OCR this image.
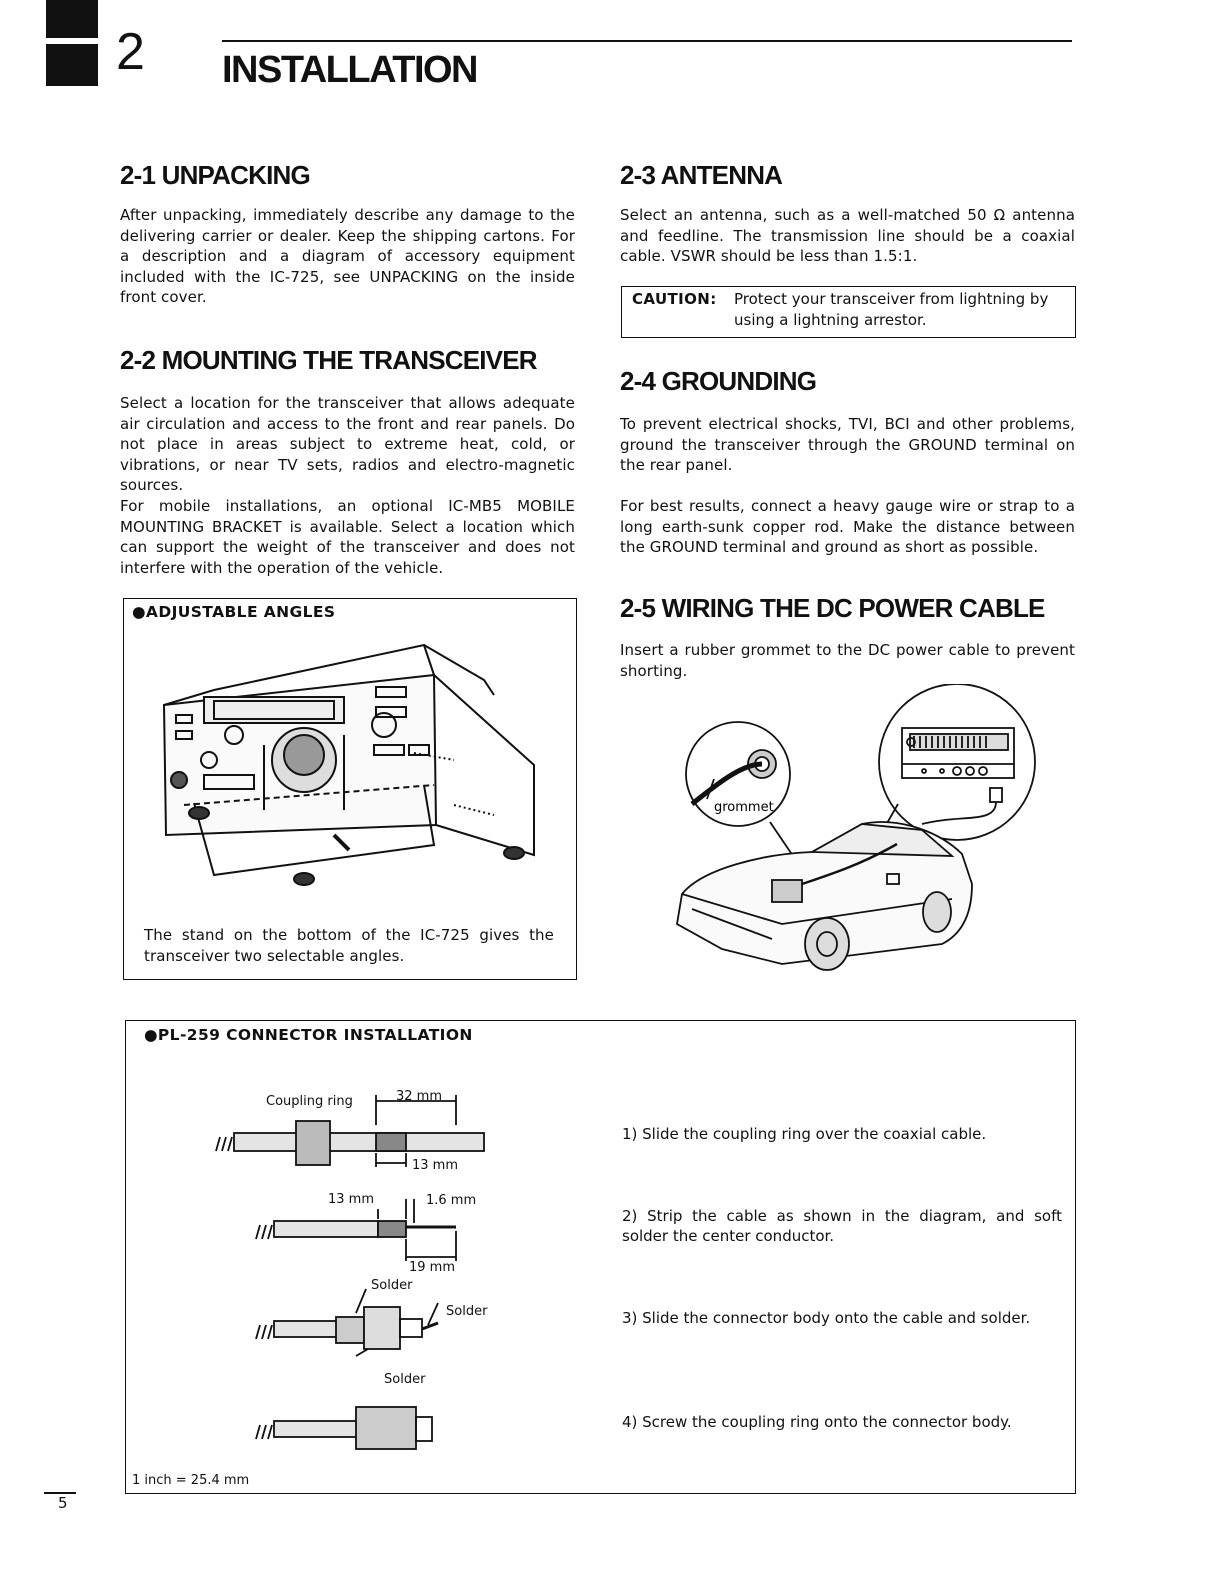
2 INSTALLATION
2-1 UNPACKING
After unpacking, immediately describe any damage to the delivering carrier or dealer. Keep the shipping cartons. For a description and a diagram of accessory equipment included with the IC-725, see UNPACKING on the inside front cover.
2-2 MOUNTING THE TRANSCEIVER
Select a location for the transceiver that allows adequate air circulation and access to the front and rear panels. Do not place in areas subject to extreme heat, cold, or vibrations, or near TV sets, radios and electro-magnetic sources.
For mobile installations, an optional IC-MB5 MOBILE MOUNTING BRACKET is available. Select a location which can support the weight of the transceiver and does not interfere with the operation of the vehicle.
●ADJUSTABLE ANGLES
The stand on the bottom of the IC-725 gives the transceiver two selectable angles.
2-3 ANTENNA
Select an antenna, such as a well-matched 50 Ω antenna and feedline. The transmission line should be a coaxial cable. VSWR should be less than 1.5:1.
CAUTION: Protect your transceiver from lightning by using a lightning arrestor.
2-4 GROUNDING
To prevent electrical shocks, TVI, BCI and other problems, ground the transceiver through the GROUND terminal on the rear panel.
For best results, connect a heavy gauge wire or strap to a long earth-sunk copper rod. Make the distance between the GROUND terminal and ground as short as possible.
2-5 WIRING THE DC POWER CABLE
Insert a rubber grommet to the DC power cable to prevent shorting.
grommet
●PL-259 CONNECTOR INSTALLATION
Coupling ring	32 mm
13 mm
13 mm	1.6 mm
19 mm
Solder
Solder
Solder
1) Slide the coupling ring over the coaxial cable.
2) Strip the cable as shown in the diagram, and soft solder the center conductor.
3) Slide the connector body onto the cable and solder.
4) Screw the coupling ring onto the connector body.
1 inch = 25.4 mm
5
